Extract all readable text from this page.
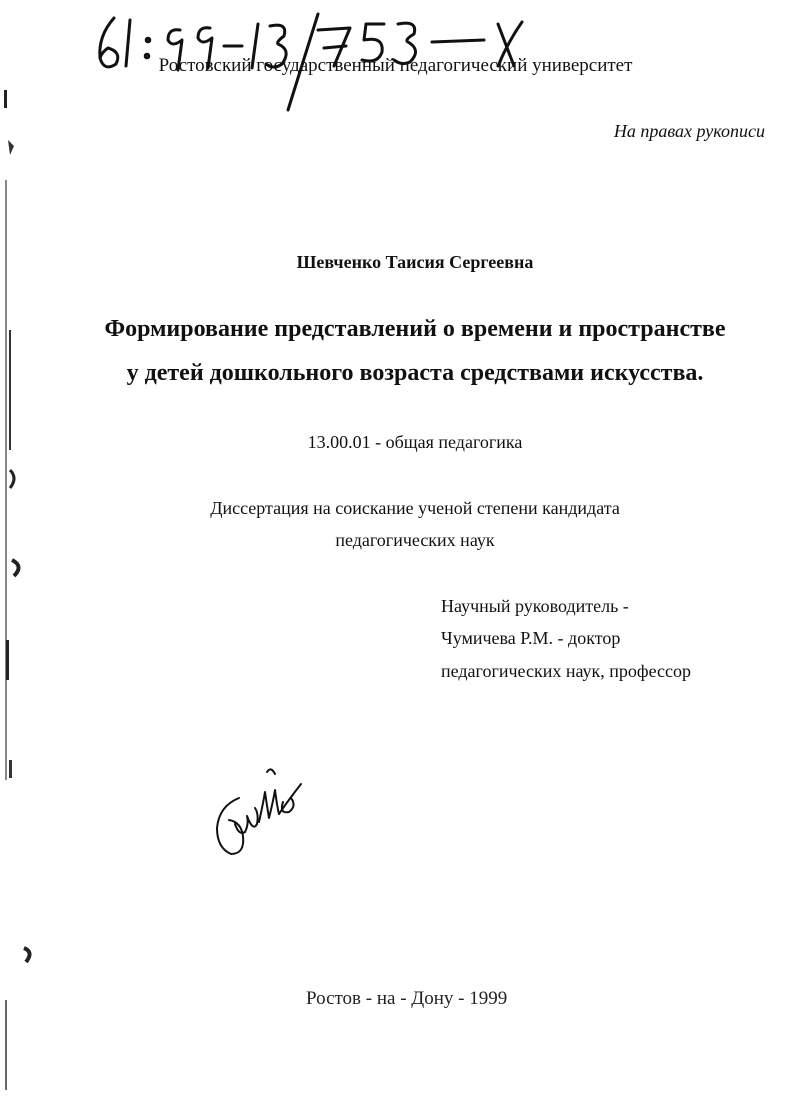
Ростовский государственный педагогический университет
На правах рукописи
Шевченко Таисия Сергеевна
Формирование представлений о времени и пространстве
у детей дошкольного возраста средствами искусства.
13.00.01 - общая педагогика
Диссертация на соискание ученой степени кандидата
педагогических наук
Научный руководитель -
Чумичева Р.М. - доктор
педагогических наук, профессор
Ростов - на - Дону - 1999
